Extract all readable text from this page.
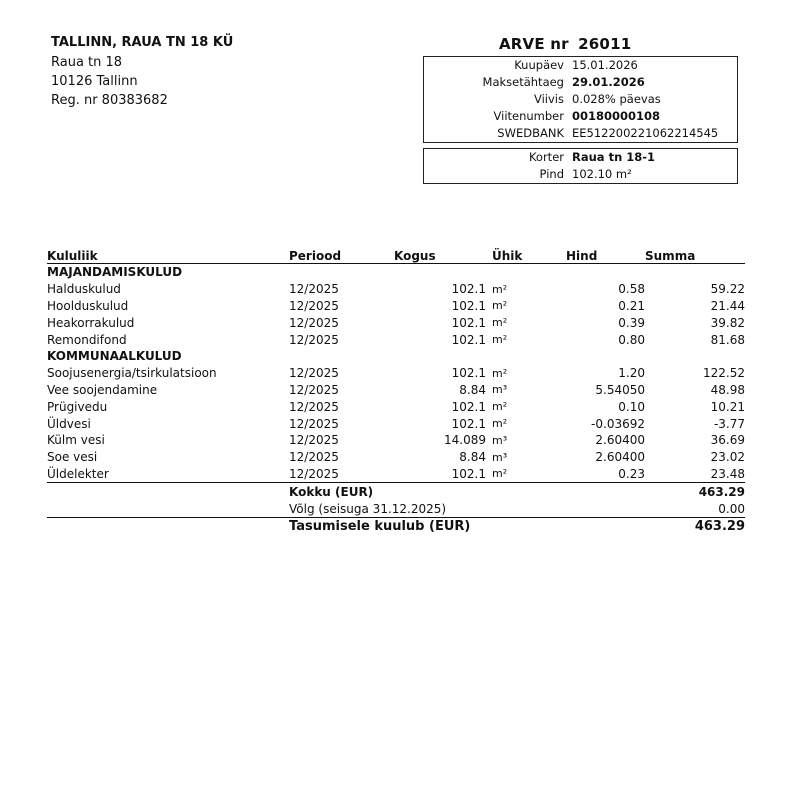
TALLINN, RAUA TN 18 KÜ
Raua tn 18
10126 Tallinn
Reg. nr 80383682
ARVE nr 26011
Kuupäev 15.01.2026
Maksetähtaeg 29.01.2026
Viivis 0.028% päevas
Viitenumber 00180000108
SWEDBANK EE512200221062214545
Korter Raua tn 18-1
Pind 102.10 m²
Kululiik	Periood	Kogus	Ühik	Hind	Summa
MAJANDAMISKULUD					
Halduskulud	12/2025	102.1	m²	0.58	59.22
Hoolduskulud	12/2025	102.1	m²	0.21	21.44
Heakorrakulud	12/2025	102.1	m²	0.39	39.82
Remondifond	12/2025	102.1	m²	0.80	81.68
KOMMUNAALKULUD					
Soojusenergia/tsirkulatsioon	12/2025	102.1	m²	1.20	122.52
Vee soojendamine	12/2025	8.84	m³	5.54050	48.98
Prügivedu	12/2025	102.1	m²	0.10	10.21
Üldvesi	12/2025	102.1	m²	-0.03692	-3.77
Külm vesi	12/2025	14.089	m³	2.60400	36.69
Soe vesi	12/2025	8.84	m³	2.60400	23.02
Üldelekter	12/2025	102.1	m²	0.23	23.48
	Kokku (EUR)				463.29
	Võlg (seisuga 31.12.2025)				0.00
	Tasumisele kuulub (EUR)				463.29
